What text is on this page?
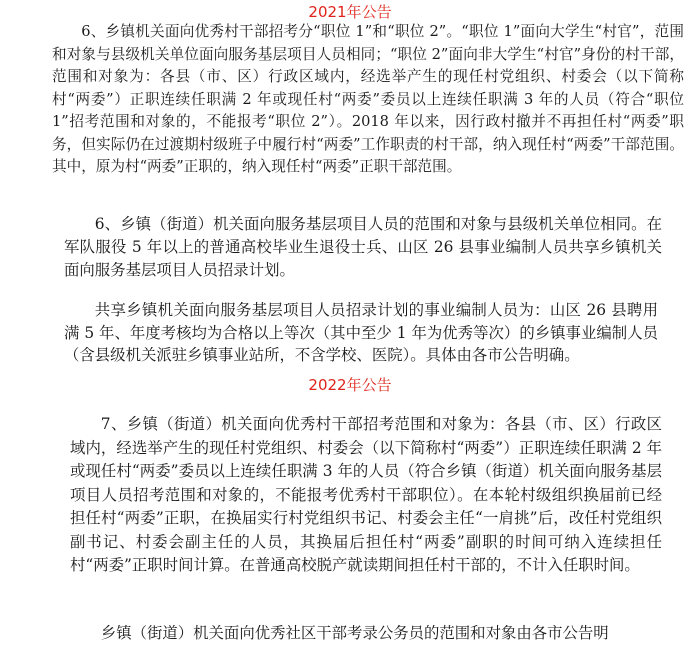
2021年公告

6、乡镇机关面向优秀村干部招考分“职位 1”和“职位 2”。“职位 1”面向大学生“村官”，范围和对象与县级机关单位面向服务基层项目人员相同；“职位 2”面向非大学生“村官”身份的村干部，范围和对象为：各县（市、区）行政区域内，经选举产生的现任村党组织、村委会（以下简称村“两委”）正职连续任职满 2 年或现任村“两委”委员以上连续任职满 3 年的人员（符合“职位 1”招考范围和对象的，不能报考“职位 2”）。2018 年以来，因行政村撤并不再担任村“两委”职务，但实际仍在过渡期村级班子中履行村“两委”工作职责的村干部，纳入现任村“两委”干部范围。其中，原为村“两委”正职的，纳入现任村“两委”正职干部范围。

6、乡镇（街道）机关面向服务基层项目人员的范围和对象与县级机关单位相同。在军队服役 5 年以上的普通高校毕业生退役士兵、山区 26 县事业编制人员共享乡镇机关面向服务基层项目人员招录计划。

共享乡镇机关面向服务基层项目人员招录计划的事业编制人员为：山区 26 县聘用满 5 年、年度考核均为合格以上等次（其中至少 1 年为优秀等次）的乡镇事业编制人员（含县级机关派驻乡镇事业站所，不含学校、医院）。具体由各市公告明确。

2022年公告

7、乡镇（街道）机关面向优秀村干部招考范围和对象为：各县（市、区）行政区域内，经选举产生的现任村党组织、村委会（以下简称村“两委”）正职连续任职满 2 年或现任村“两委”委员以上连续任职满 3 年的人员（符合乡镇（街道）机关面向服务基层项目人员招考范围和对象的，不能报考优秀村干部职位）。在本轮村级组织换届前已经担任村“两委”正职，在换届实行村党组织书记、村委会主任“一肩挑”后，改任村党组织副书记、村委会副主任的人员，其换届后担任村“两委”副职的时间可纳入连续担任村“两委”正职时间计算。在普通高校脱产就读期间担任村干部的，不计入任职时间。

乡镇（街道）机关面向优秀社区干部考录公务员的范围和对象由各市公告明
